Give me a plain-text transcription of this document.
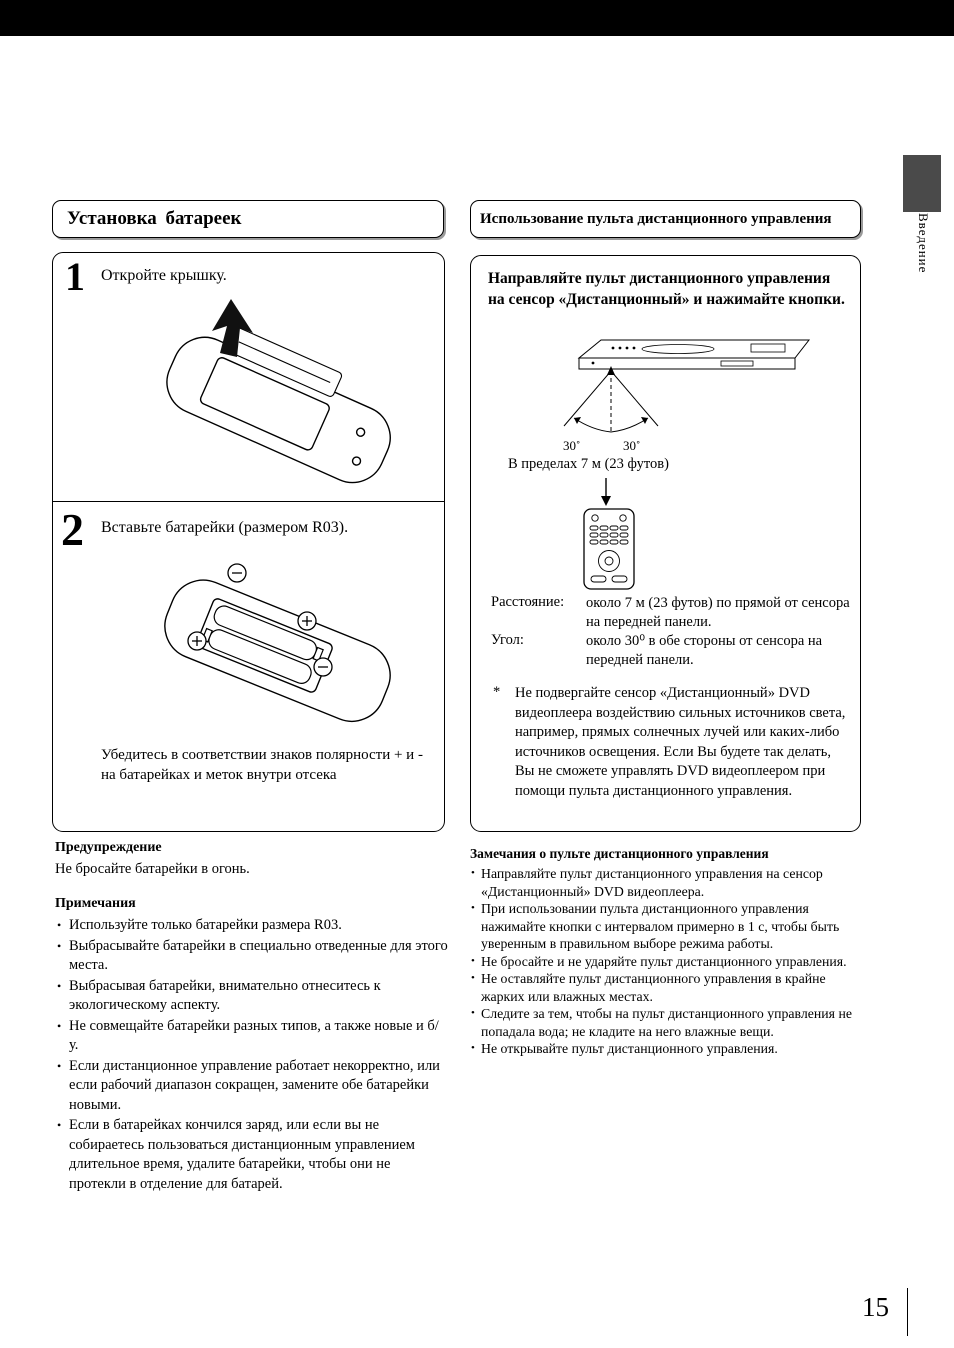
Введение
Установка батареек
1 Откройте крышку.
2 Вставьте батарейки (размером R03).
Убедитесь в соответствии знаков полярности + и - на батарейках и меток внутри отсека
Предупреждение

Не бросайте батарейки в огонь.

Примечания
• Используйте только батарейки размера R03.
• Выбрасывайте батарейки в специально отведенные для этого места.
• Выбрасывая батарейки, внимательно отнеситесь к экологическому аспекту.
• Не совмещайте батарейки разных типов, а также новые и б/у.
• Если дистанционное управление работает некорректно, или если рабочий диапазон сокращен, замените обе батарейки новыми.
• Если в батарейках кончился заряд, или если вы не собираетесь пользоваться дистанционным управлением длительное время, удалите батарейки, чтобы они не протекли в отделение для батарей.
Использование пульта дистанционного управления
Направляйте пульт дистанционного управления на сенсор «Дистанционный» и нажимайте кнопки.
30˚	30˚
В пределах 7 м (23 футов)
Расстояние: около 7 м (23 футов) по прямой от сенсора на передней панели.
Угол:	около 30⁰ в обе стороны от сенсора на передней панели.
* Не подвергайте сенсор «Дистанционный» DVD видеоплеера воздействию сильных источников света, например, прямых солнечных лучей или каких-либо источников освещения. Если Вы будете так делать, Вы не сможете управлять DVD видеоплеером при помощи пульта дистанционного управления.
Замечания о пульте дистанционного управления
• Направляйте пульт дистанционного управления на сенсор «Дистанционный» DVD видеоплеера.
• При использовании пульта дистанционного управления нажимайте кнопки с интервалом примерно в 1 с, чтобы быть уверенным в правильном выборе режима работы.
• Не бросайте и не ударяйте пульт дистанционного управления.
• Не оставляйте пульт дистанционного управления в крайне жарких или влажных местах.
• Следите за тем, чтобы на пульт дистанционного управления не попадала вода; не кладите на него влажные вещи.
• Не открывайте пульт дистанционного управления.
15
